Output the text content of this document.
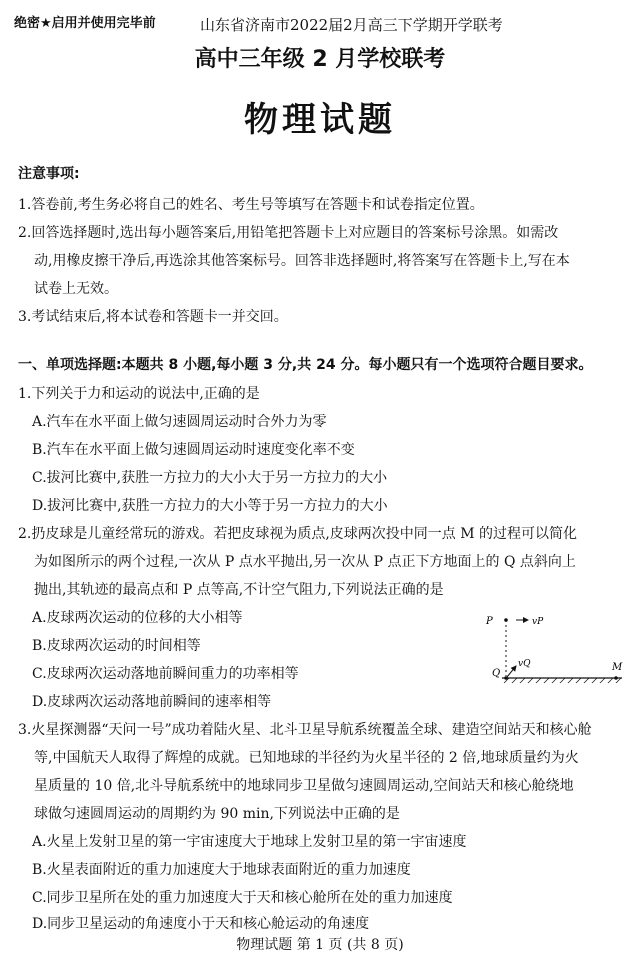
绝密★启用并使用完毕前	山东省济南市2022届2月高三下学期开学联考
高中三年级 2 月学校联考
物理试题
注意事项:
1.答卷前,考生务必将自己的姓名、考生号等填写在答题卡和试卷指定位置。
2.回答选择题时,选出每小题答案后,用铅笔把答题卡上对应题目的答案标号涂黑。如需改
动,用橡皮擦干净后,再选涂其他答案标号。回答非选择题时,将答案写在答题卡上,写在本
试卷上无效。
3.考试结束后,将本试卷和答题卡一并交回。
一、单项选择题:本题共 8 小题,每小题 3 分,共 24 分。每小题只有一个选项符合题目要求。
1.下列关于力和运动的说法中,正确的是
A.汽车在水平面上做匀速圆周运动时合外力为零
B.汽车在水平面上做匀速圆周运动时速度变化率不变
C.拔河比赛中,获胜一方拉力的大小大于另一方拉力的大小
D.拔河比赛中,获胜一方拉力的大小等于另一方拉力的大小
2.扔皮球是儿童经常玩的游戏。若把皮球视为质点,皮球两次投中同一点 M 的过程可以简化
为如图所示的两个过程,一次从 P 点水平抛出,另一次从 P 点正下方地面上的 Q 点斜向上
抛出,其轨迹的最高点和 P 点等高,不计空气阻力,下列说法正确的是
A.皮球两次运动的位移的大小相等
B.皮球两次运动的时间相等
C.皮球两次运动落地前瞬间重力的功率相等
D.皮球两次运动落地前瞬间的速率相等
P	vP
Q
vQ	M
3.火星探测器“天问一号”成功着陆火星、北斗卫星导航系统覆盖全球、建造空间站天和核心舱
等,中国航天人取得了辉煌的成就。已知地球的半径约为火星半径的 2 倍,地球质量约为火
星质量的 10 倍,北斗导航系统中的地球同步卫星做匀速圆周运动,空间站天和核心舱绕地
球做匀速圆周运动的周期约为 90 min,下列说法中正确的是
A.火星上发射卫星的第一宇宙速度大于地球上发射卫星的第一宇宙速度
B.火星表面附近的重力加速度大于地球表面附近的重力加速度
C.同步卫星所在处的重力加速度大于天和核心舱所在处的重力加速度
D.同步卫星运动的角速度小于天和核心舱运动的角速度
物理试题 第 1 页 (共 8 页)
